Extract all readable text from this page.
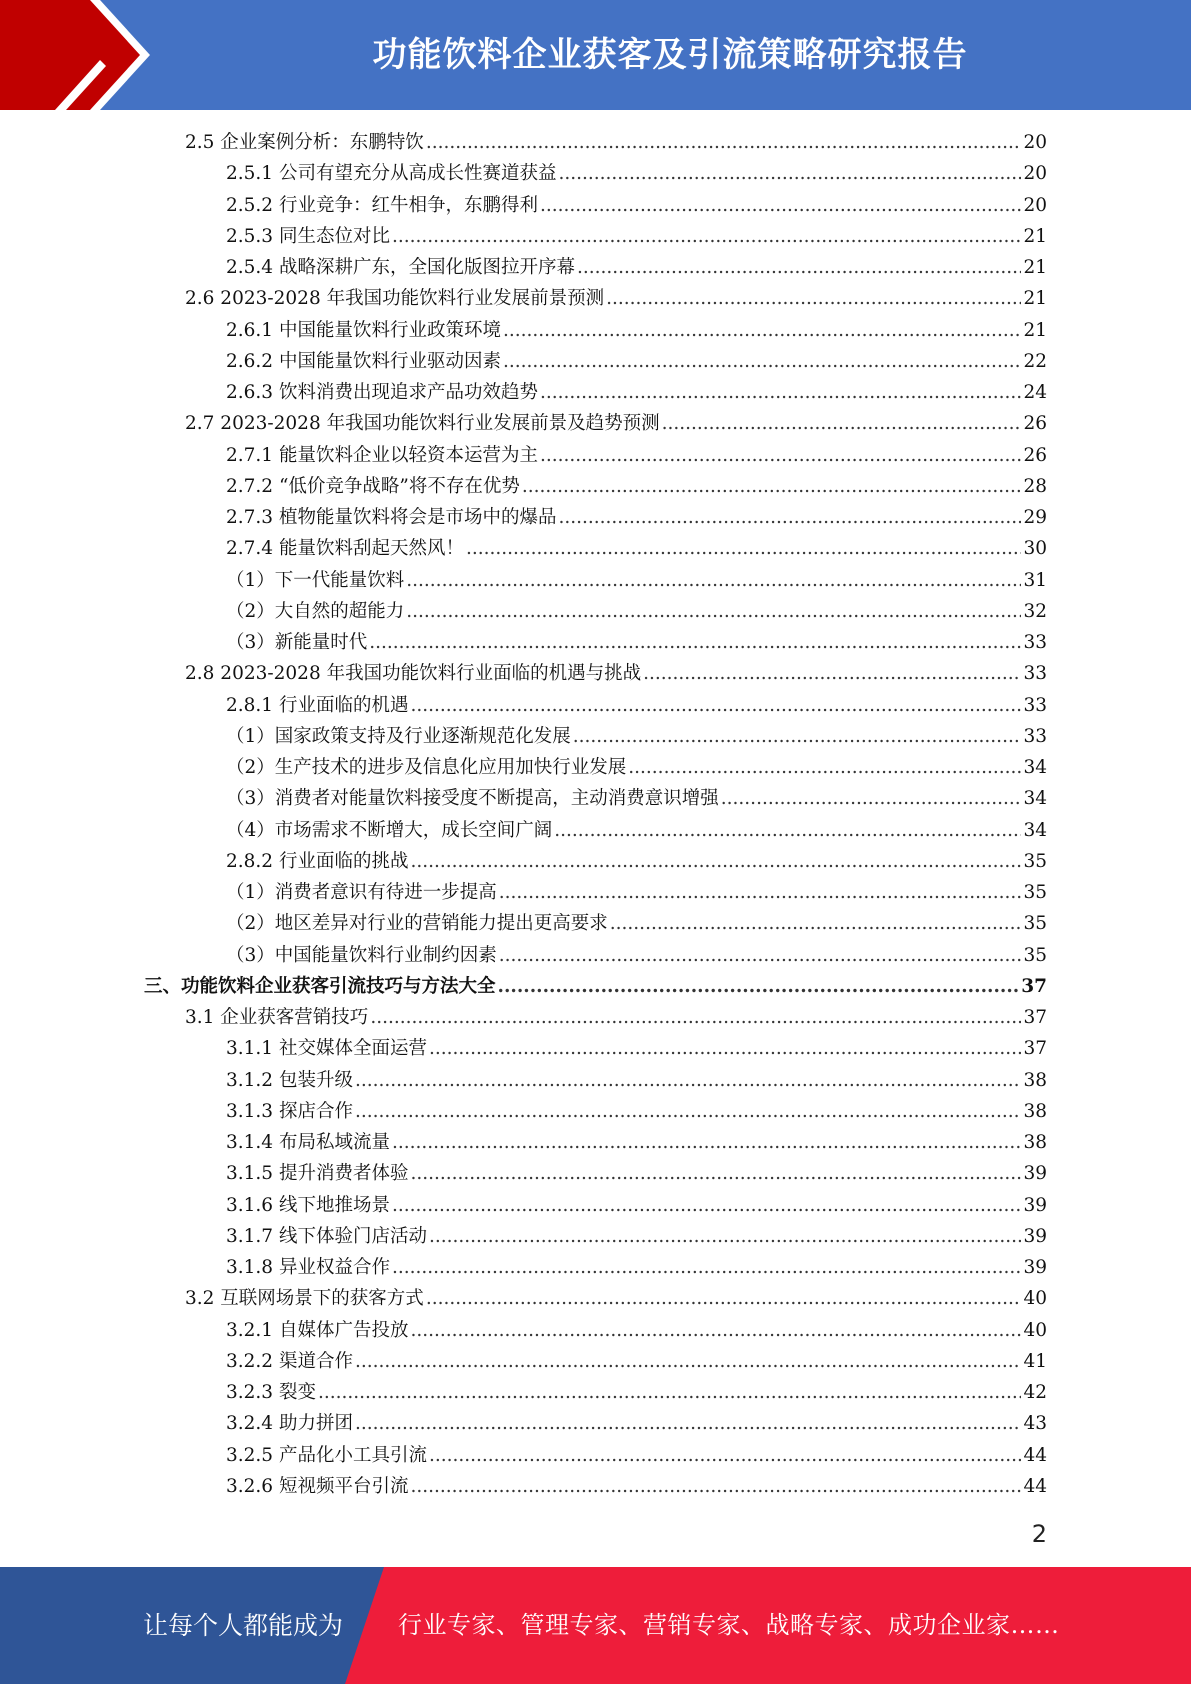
功能饮料企业获客及引流策略研究报告
2.5 企业案例分析：东鹏特饮 .....	20
2.5.1 公司有望充分从高成长性赛道获益 .....	20
2.5.2 行业竞争：红牛相争，东鹏得利 .....	20
2.5.3 同生态位对比 .....	21
2.5.4 战略深耕广东，全国化版图拉开序幕 .....	21
2.6 2023-2028 年我国功能饮料行业发展前景预测 .....	21
2.6.1 中国能量饮料行业政策环境 .....	21
2.6.2 中国能量饮料行业驱动因素 .....	22
2.6.3 饮料消费出现追求产品功效趋势 .....	24
2.7 2023-2028 年我国功能饮料行业发展前景及趋势预测 .....	26
2.7.1 能量饮料企业以轻资本运营为主 .....	26
2.7.2 “低价竞争战略”将不存在优势 .....	28
2.7.3 植物能量饮料将会是市场中的爆品 .....	29
2.7.4 能量饮料刮起天然风！ .....	30
（1）下一代能量饮料 .....	31
（2）大自然的超能力 .....	32
（3）新能量时代 .....	33
2.8 2023-2028 年我国功能饮料行业面临的机遇与挑战 .....	33
2.8.1 行业面临的机遇 .....	33
（1）国家政策支持及行业逐渐规范化发展 .....	33
（2）生产技术的进步及信息化应用加快行业发展 .....	34
（3）消费者对能量饮料接受度不断提高，主动消费意识增强 .....	34
（4）市场需求不断增大，成长空间广阔 .....	34
2.8.2 行业面临的挑战 .....	35
（1）消费者意识有待进一步提高 .....	35
（2）地区差异对行业的营销能力提出更高要求 .....	35
（3）中国能量饮料行业制约因素 .....	35
三、功能饮料企业获客引流技巧与方法大全 .....	37
3.1 企业获客营销技巧 .....	37
3.1.1 社交媒体全面运营 .....	37
3.1.2 包装升级 .....	38
3.1.3 探店合作 .....	38
3.1.4 布局私域流量 .....	38
3.1.5 提升消费者体验 .....	39
3.1.6 线下地推场景 .....	39
3.1.7 线下体验门店活动 .....	39
3.1.8 异业权益合作 .....	39
3.2 互联网场景下的获客方式 .....	40
3.2.1 自媒体广告投放 .....	40
3.2.2 渠道合作 .....	41
3.2.3 裂变 .....	42
3.2.4 助力拼团 .....	43
3.2.5 产品化小工具引流 .....	44
3.2.6 短视频平台引流 .....	44
2
让每个人都能成为 行业专家、管理专家、营销专家、战略专家、成功企业家……
